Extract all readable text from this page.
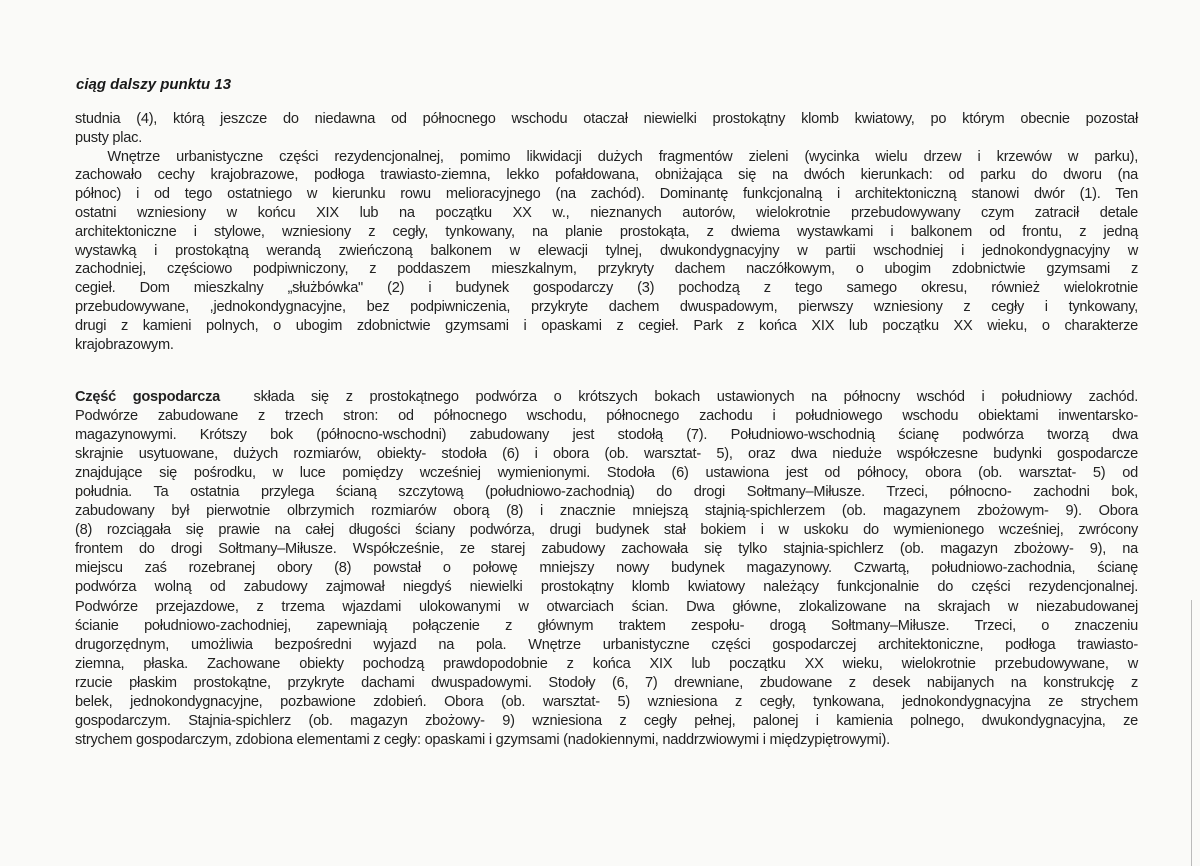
ciąg dalszy punktu 13
studnia (4), którą jeszcze do niedawna od północnego wschodu otaczał niewielki prostokątny klomb kwiatowy, po którym obecnie pozostał
pusty plac.
Wnętrze urbanistyczne części rezydencjonalnej, pomimo likwidacji dużych fragmentów zieleni (wycinka wielu drzew i krzewów w parku),
zachowało cechy krajobrazowe, podłoga trawiasto-ziemna, lekko pofałdowana, obniżająca się na dwóch kierunkach: od parku do dworu (na
północ) i od tego ostatniego w kierunku rowu melioracyjnego (na zachód). Dominantę funkcjonalną i architektoniczną stanowi dwór (1). Ten
ostatni wzniesiony w końcu XIX lub na początku XX w., nieznanych autorów, wielokrotnie przebudowywany czym zatracił detale
architektoniczne i stylowe, wzniesiony z cegły, tynkowany, na planie prostokąta, z dwiema wystawkami i balkonem od frontu, z jedną
wystawką i prostokątną werandą zwieńczoną balkonem w elewacji tylnej, dwukondygnacyjny w partii wschodniej i jednokondygnacyjny w
zachodniej, częściowo podpiwniczony, z poddaszem mieszkalnym, przykryty dachem naczółkowym, o ubogim zdobnictwie gzymsami z
cegieł. Dom mieszkalny „służbówka" (2) i budynek gospodarczy (3) pochodzą z tego samego okresu, również wielokrotnie
przebudowywane, ,jednokondygnacyjne, bez podpiwniczenia, przykryte dachem dwuspadowym, pierwszy wzniesiony z cegły i tynkowany,
drugi z kamieni polnych, o ubogim zdobnictwie gzymsami i opaskami z cegieł. Park z końca XIX lub początku XX wieku, o charakterze
krajobrazowym.
Część gospodarcza  składa się z prostokątnego podwórza o krótszych bokach ustawionych na północny wschód i południowy zachód.
Podwórze zabudowane z trzech stron: od północnego wschodu, północnego zachodu i południowego wschodu obiektami inwentarsko-
magazynowymi. Krótszy bok (północno-wschodni) zabudowany jest stodołą (7). Południowo-wschodnią ścianę podwórza tworzą dwa
skrajnie usytuowane, dużych rozmiarów, obiekty- stodoła (6) i obora (ob. warsztat- 5), oraz dwa nieduże współczesne budynki gospodarcze
znajdujące się pośrodku, w luce pomiędzy wcześniej wymienionymi. Stodoła (6) ustawiona jest od północy, obora (ob. warsztat- 5) od
południa. Ta ostatnia przylega ścianą szczytową (południowo-zachodnią) do drogi Sołtmany–Miłusze. Trzeci, północno- zachodni bok,
zabudowany był pierwotnie olbrzymich rozmiarów oborą (8) i znacznie mniejszą stajnią-spichlerzem (ob. magazynem zbożowym- 9). Obora
(8) rozciągała się prawie na całej długości ściany podwórza, drugi budynek stał bokiem i w uskoku do wymienionego wcześniej, zwrócony
frontem do drogi Sołtmany–Miłusze. Współcześnie, ze starej zabudowy zachowała się tylko stajnia-spichlerz (ob. magazyn zbożowy- 9), na
miejscu zaś rozebranej obory (8) powstał o połowę mniejszy nowy budynek magazynowy. Czwartą, południowo-zachodnia, ścianę
podwórza wolną od zabudowy zajmował niegdyś niewielki prostokątny klomb kwiatowy należący funkcjonalnie do części rezydencjonalnej.
Podwórze przejazdowe, z trzema wjazdami ulokowanymi w otwarciach ścian. Dwa główne, zlokalizowane na skrajach w niezabudowanej
ścianie południowo-zachodniej, zapewniają połączenie z głównym traktem zespołu- drogą Sołtmany–Miłusze. Trzeci, o znaczeniu
drugorzędnym, umożliwia bezpośredni wyjazd na pola. Wnętrze urbanistyczne części gospodarczej architektoniczne, podłoga trawiasto-
ziemna, płaska. Zachowane obiekty pochodzą prawdopodobnie z końca XIX lub początku XX wieku, wielokrotnie przebudowywane, w
rzucie płaskim prostokątne, przykryte dachami dwuspadowymi. Stodoły (6, 7) drewniane, zbudowane z desek nabijanych na konstrukcję z
belek, jednokondygnacyjne, pozbawione zdobień. Obora (ob. warsztat- 5) wzniesiona z cegły, tynkowana, jednokondygnacyjna ze strychem
gospodarczym. Stajnia-spichlerz (ob. magazyn zbożowy- 9) wzniesiona z cegły pełnej, palonej i kamienia polnego, dwukondygnacyjna, ze
strychem gospodarczym, zdobiona elementami z cegły: opaskami i gzymsami (nadokiennymi, naddrzwiowymi i międzypiętrowymi).
